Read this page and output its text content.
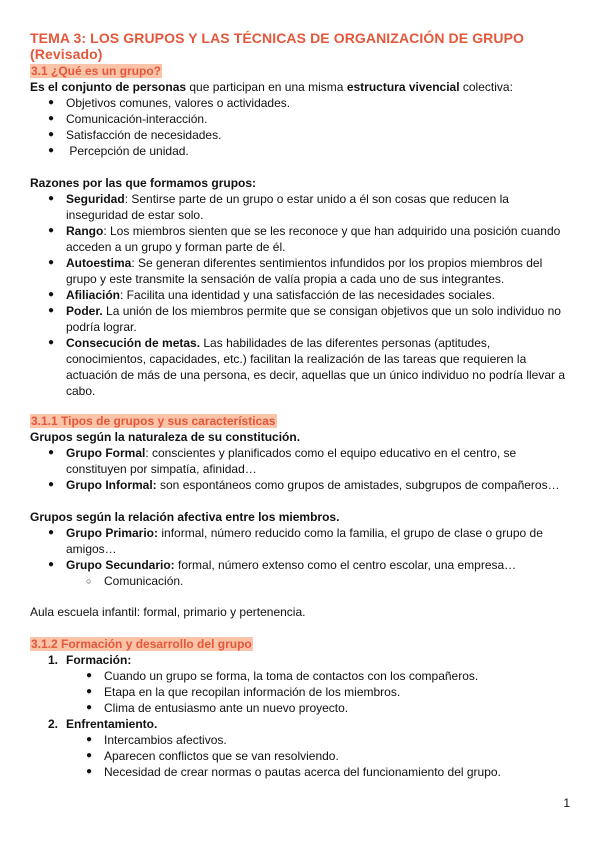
TEMA 3: LOS GRUPOS Y LAS TÉCNICAS DE ORGANIZACIÓN DE GRUPO
(Revisado)
3.1 ¿Qué es un grupo?
Es el conjunto de personas que participan en una misma estructura vivencial colectiva:
● Objetivos comunes, valores o actividades.
● Comunicación-interacción.
● Satisfacción de necesidades.
● Percepción de unidad.
Razones por las que formamos grupos:
● Seguridad: Sentirse parte de un grupo o estar unido a él son cosas que reducen la
inseguridad de estar solo.
● Rango: Los miembros sienten que se les reconoce y que han adquirido una posición cuando
acceden a un grupo y forman parte de él.
● Autoestima: Se generan diferentes sentimientos infundidos por los propios miembros del
grupo y este transmite la sensación de valía propia a cada uno de sus integrantes.
● Afiliación: Facilita una identidad y una satisfacción de las necesidades sociales.
● Poder. La unión de los miembros permite que se consigan objetivos que un solo individuo no
podría lograr.
● Consecución de metas. Las habilidades de las diferentes personas (aptitudes,
conocimientos, capacidades, etc.) facilitan la realización de las tareas que requieren la
actuación de más de una persona, es decir, aquellas que un único individuo no podría llevar a
cabo.
3.1.1 Tipos de grupos y sus características
Grupos según la naturaleza de su constitución.
● Grupo Formal: conscientes y planificados como el equipo educativo en el centro, se
constituyen por simpatía, afinidad…
● Grupo Informal: son espontáneos como grupos de amistades, subgrupos de compañeros…
Grupos según la relación afectiva entre los miembros.
● Grupo Primario: informal, número reducido como la familia, el grupo de clase o grupo de
amigos…
● Grupo Secundario: formal, número extenso como el centro escolar, una empresa…
○ Comunicación.
Aula escuela infantil: formal, primario y pertenencia.
3.1.2 Formación y desarrollo del grupo
1. Formación:
● Cuando un grupo se forma, la toma de contactos con los compañeros.
● Etapa en la que recopilan información de los miembros.
● Clima de entusiasmo ante un nuevo proyecto.
2. Enfrentamiento.
● Intercambios afectivos.
● Aparecen conflictos que se van resolviendo.
● Necesidad de crear normas o pautas acerca del funcionamiento del grupo.
1
